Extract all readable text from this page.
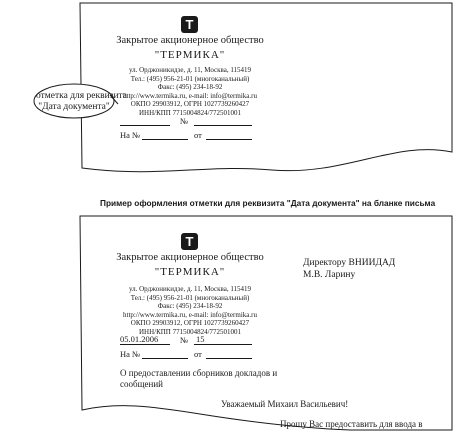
T
Закрытое акционерное общество
"ТЕРМИКА"
ул. Орджоникидзе, д. 11, Москва, 115419
Тел.: (495) 956-21-01 (многоканальный)
Факс: (495) 234-18-92
http://www.termika.ru, e-mail: info@termika.ru
ОКПО 29903912, ОГРН 1027739260427
ИНН/КПП 7715004824/772501001
№
На №	от
отметка для реквизита
"Дата документа"
Пример оформления отметки для реквизита "Дата документа" на бланке письма
T
Закрытое акционерное общество
"ТЕРМИКА"
ул. Орджоникидзе, д. 11, Москва, 115419
Тел.: (495) 956-21-01 (многоканальный)
Факс: (495) 234-18-92
http://www.termika.ru, e-mail: info@termika.ru
ОКПО 29903912, ОГРН 1027739260427
ИНН/КПП 7715004824/772501001
Директору ВНИИДАД
М.В. Ларину
05.01.2006	№ 15
На №	от
О предоставлении сборников докладов и
сообщений
Уважаемый Михаил Васильевич!
Прошу Вас предоставить для ввода в
